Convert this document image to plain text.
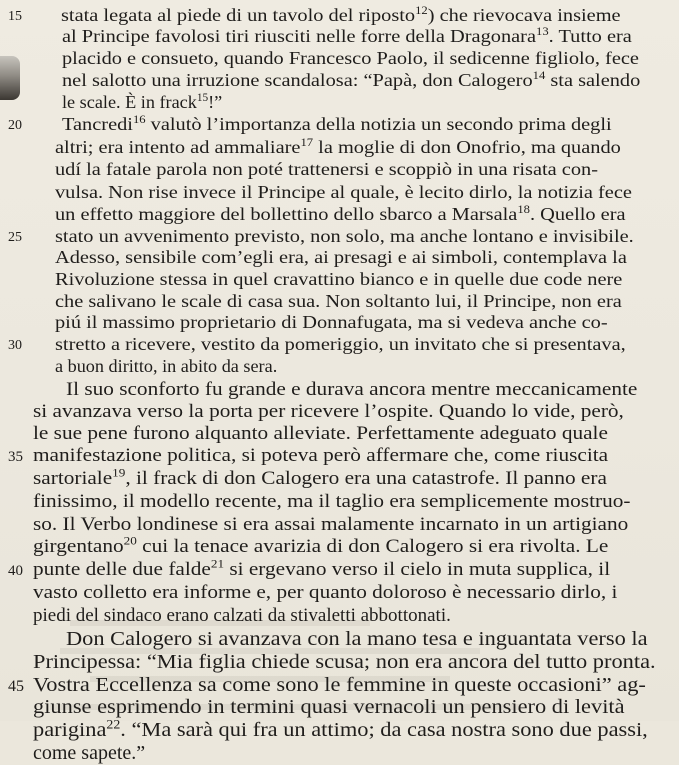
15 stata legata al piede di un tavolo del riposto$^{12}$) che rievocava insieme
al Principe favolosi tiri riusciti nelle forre della Dragonara$^{13}$. Tutto era
placido e consueto, quando Francesco Paolo, il sedicenne figliolo, fece
nel salotto una irruzione scandalosa: “Papà, don Calogero$^{14}$ sta salendo
le scale. È in frack$^{15}$!”
20 Tancredi$^{16}$ valutò l’importanza della notizia un secondo prima degli
altri; era intento ad ammaliare$^{17}$ la moglie di don Onofrio, ma quando
udí la fatale parola non poté trattenersi e scoppiò in una risata con-
vulsa. Non rise invece il Principe al quale, è lecito dirlo, la notizia fece
un effetto maggiore del bollettino dello sbarco a Marsala$^{18}$. Quello era
25 stato un avvenimento previsto, non solo, ma anche lontano e invisibile.
Adesso, sensibile com’egli era, ai presagi e ai simboli, contemplava la
Rivoluzione stessa in quel cravattino bianco e in quelle due code nere
che salivano le scale di casa sua. Non soltanto lui, il Principe, non era
piú il massimo proprietario di Donnafugata, ma si vedeva anche co-
30 stretto a ricevere, vestito da pomeriggio, un invitato che si presentava,
a buon diritto, in abito da sera.
Il suo sconforto fu grande e durava ancora mentre meccanicamente
si avanzava verso la porta per ricevere l’ospite. Quando lo vide, però,
le sue pene furono alquanto alleviate. Perfettamente adeguato quale
35 manifestazione politica, si poteva però affermare che, come riuscita
sartoriale$^{19}$, il frack di don Calogero era una catastrofe. Il panno era
finissimo, il modello recente, ma il taglio era semplicemente mostruo-
so. Il Verbo londinese si era assai malamente incarnato in un artigiano
girgentano$^{20}$ cui la tenace avarizia di don Calogero si era rivolta. Le
40 punte delle due falde$^{21}$ si ergevano verso il cielo in muta supplica, il
vasto colletto era informe e, per quanto doloroso è necessario dirlo, i
piedi del sindaco erano calzati da stivaletti abbottonati.
Don Calogero si avanzava con la mano tesa e inguantata verso la
Principessa: “Mia figlia chiede scusa; non era ancora del tutto pronta.
45 Vostra Eccellenza sa come sono le femmine in queste occasioni” ag-
giunse esprimendo in termini quasi vernacoli un pensiero di levità
parigina$^{22}$. “Ma sarà qui fra un attimo; da casa nostra sono due passi,
come sapete.”
